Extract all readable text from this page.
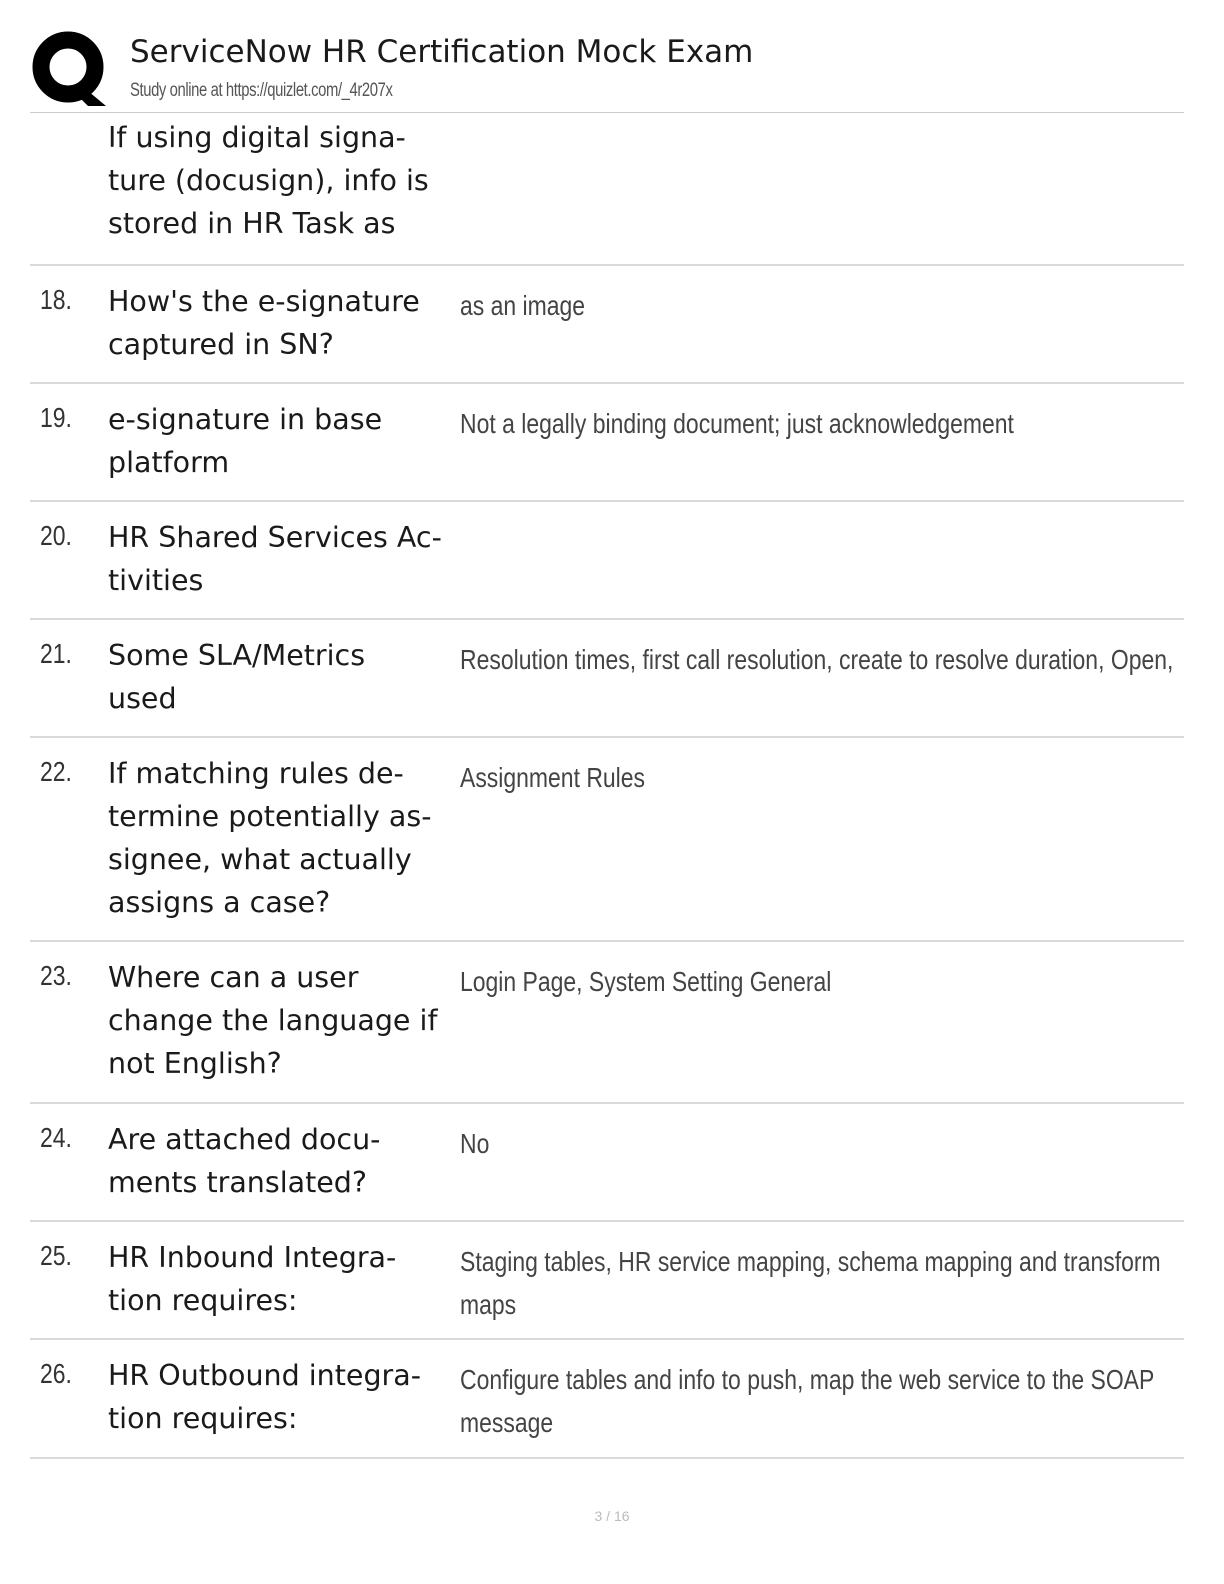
ServiceNow HR Certification Mock Exam
Study online at https://quizlet.com/_4r207x
If using digital signa-
ture (docusign), info is
stored in HR Task as
18. How's the e-signature
captured in SN?
as an image
19. e-signature in base
platform
Not a legally binding document; just acknowledgement
20. HR Shared Services Ac-
tivities
21. Some SLA/Metrics
used
Resolution times, first call resolution, create to resolve duration, Open,
22. If matching rules de-
termine potentially as-
signee, what actually
assigns a case?
Assignment Rules
23. Where can a user
change the language if
not English?
Login Page, System Setting General
24. Are attached docu-
ments translated?
No
25. HR Inbound Integra-
tion requires:
Staging tables, HR service mapping, schema mapping and transform
maps
26. HR Outbound integra-
tion requires:
Configure tables and info to push, map the web service to the SOAP
message
3 / 16
